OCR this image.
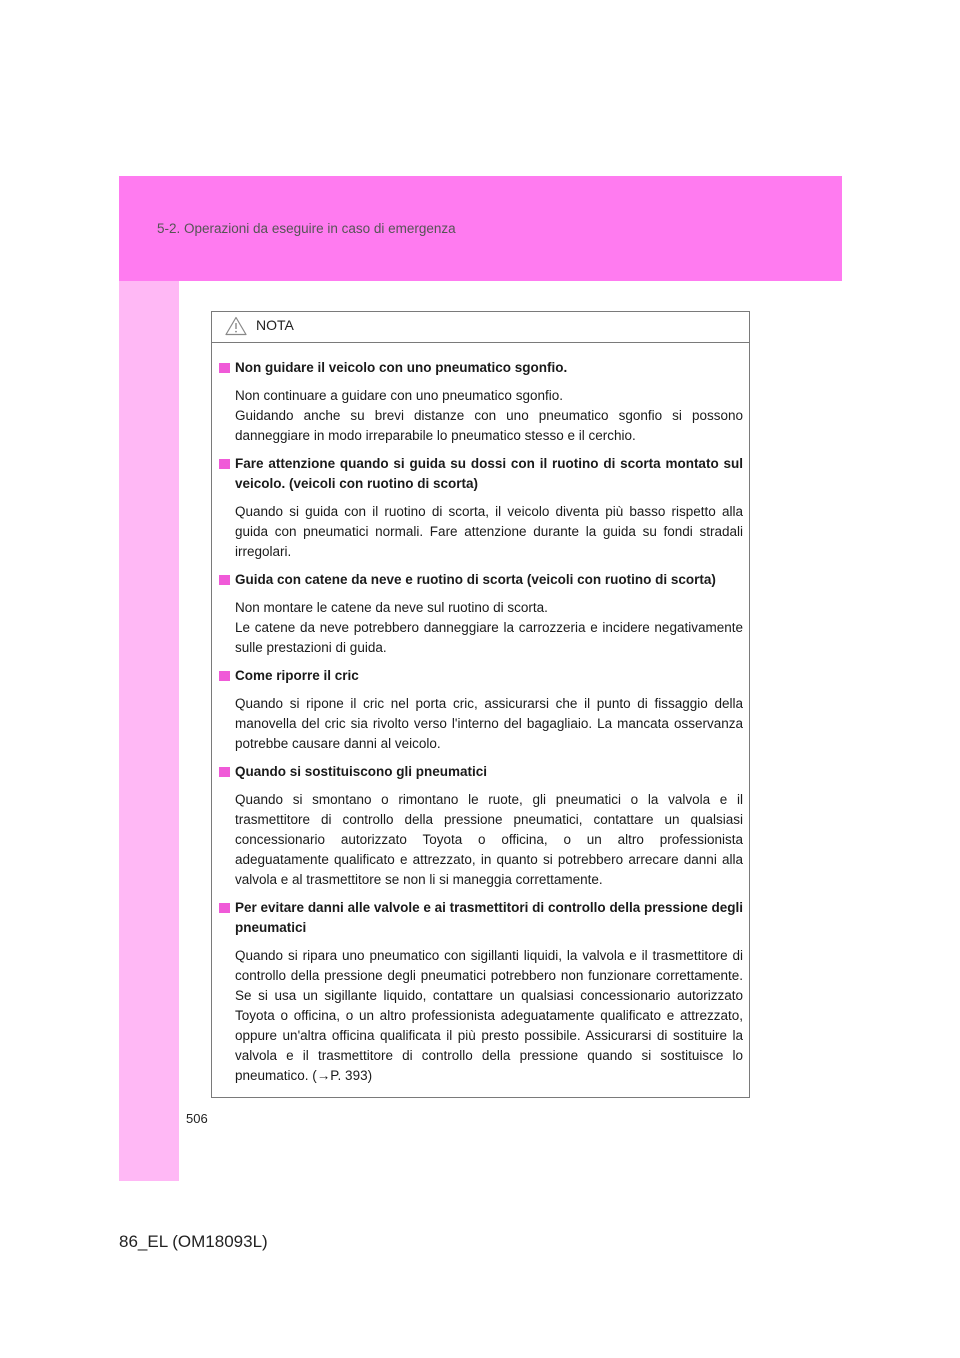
5-2. Operazioni da eseguire in caso di emergenza
NOTA
Non guidare il veicolo con uno pneumatico sgonfio.

Non continuare a guidare con uno pneumatico sgonfio.
Guidando anche su brevi distanze con uno pneumatico sgonfio si possono danneggiare in modo irreparabile lo pneumatico stesso e il cerchio.

Fare attenzione quando si guida su dossi con il ruotino di scorta montato sul veicolo. (veicoli con ruotino di scorta)

Quando si guida con il ruotino di scorta, il veicolo diventa più basso rispetto alla guida con pneumatici normali. Fare attenzione durante la guida su fondi stradali irregolari.

Guida con catene da neve e ruotino di scorta (veicoli con ruotino di scorta)

Non montare le catene da neve sul ruotino di scorta.
Le catene da neve potrebbero danneggiare la carrozzeria e incidere negativamente sulle prestazioni di guida.

Come riporre il cric

Quando si ripone il cric nel porta cric, assicurarsi che il punto di fissaggio della manovella del cric sia rivolto verso l'interno del bagagliaio. La mancata osservanza potrebbe causare danni al veicolo.

Quando si sostituiscono gli pneumatici

Quando si smontano o rimontano le ruote, gli pneumatici o la valvola e il trasmettitore di controllo della pressione pneumatici, contattare un qualsiasi concessionario autorizzato Toyota o officina, o un altro professionista adeguatamente qualificato e attrezzato, in quanto si potrebbero arrecare danni alla valvola e al trasmettitore se non li si maneggia correttamente.

Per evitare danni alle valvole e ai trasmettitori di controllo della pressione degli pneumatici

Quando si ripara uno pneumatico con sigillanti liquidi, la valvola e il trasmettitore di controllo della pressione degli pneumatici potrebbero non funzionare correttamente. Se si usa un sigillante liquido, contattare un qualsiasi concessionario autorizzato Toyota o officina, o un altro professionista adeguatamente qualificato e attrezzato, oppure un'altra officina qualificata il più presto possibile. Assicurarsi di sostituire la valvola e il trasmettitore di controllo della pressione quando si sostituisce lo pneumatico. (→P. 393)

506
86_EL (OM18093L)
